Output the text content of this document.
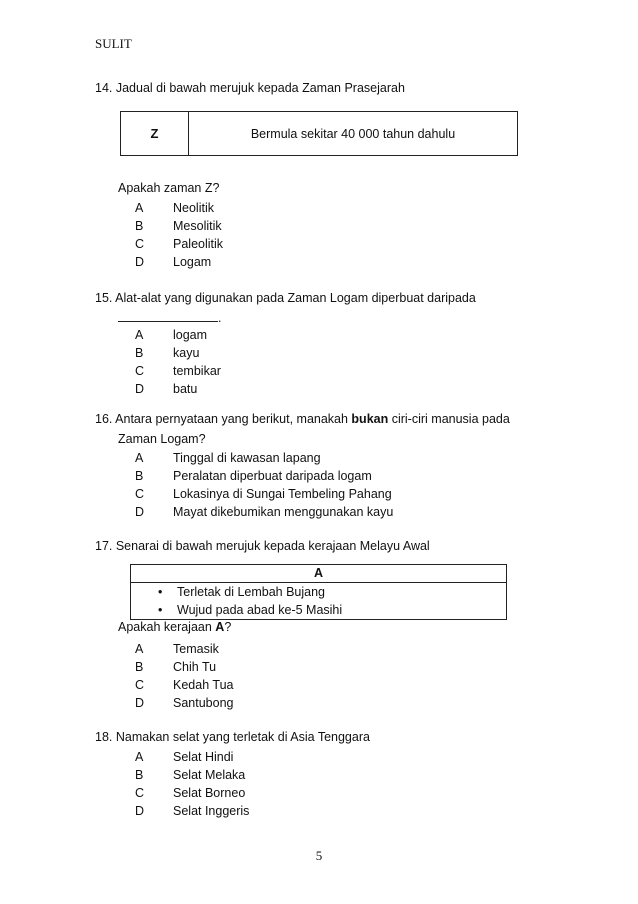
SULIT
14. Jadual di bawah merujuk kepada Zaman Prasejarah
Z	Bermula sekitar 40 000 tahun dahulu
Apakah zaman Z?
A Neolitik
B Mesolitik
C Paleolitik
D Logam
15. Alat-alat yang digunakan pada Zaman Logam diperbuat daripada
.
A logam
B kayu
C tembikar
D batu
16. Antara pernyataan yang berikut, manakah bukan ciri-ciri manusia pada
Zaman Logam?
A Tinggal di kawasan lapang
B Peralatan diperbuat daripada logam
C Lokasinya di Sungai Tembeling Pahang
D Mayat dikebumikan menggunakan kayu
17. Senarai di bawah merujuk kepada kerajaan Melayu Awal
A
• Terletak di Lembah Bujang
• Wujud pada abad ke-5 Masihi
Apakah kerajaan A?
A Temasik
B Chih Tu
C Kedah Tua
D Santubong
18. Namakan selat yang terletak di Asia Tenggara
A Selat Hindi
B Selat Melaka
C Selat Borneo
D Selat Inggeris
5
